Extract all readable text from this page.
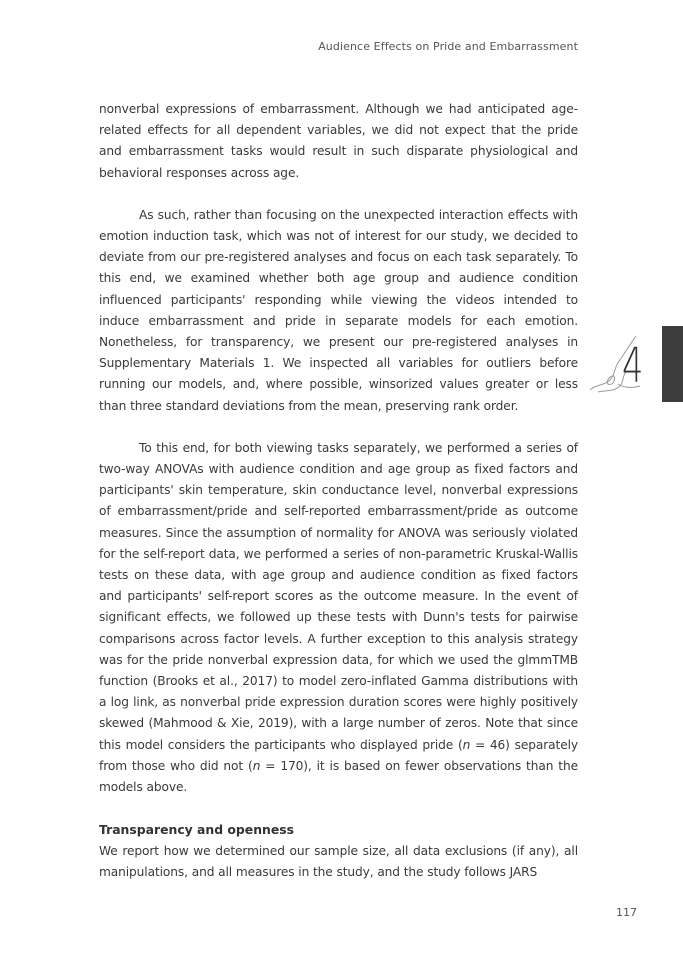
Audience Effects on Pride and Embarrassment

nonverbal expressions of embarrassment. Although we had anticipated age-related effects for all dependent variables, we did not expect that the pride and embarrassment tasks would result in such disparate physiological and behavioral responses across age.

As such, rather than focusing on the unexpected interaction effects with emotion induction task, which was not of interest for our study, we decided to deviate from our pre-registered analyses and focus on each task separately. To this end, we examined whether both age group and audience condition influenced participants' responding while viewing the videos intended to induce embarrassment and pride in separate models for each emotion. Nonetheless, for transparency, we present our pre-registered analyses in Supplementary Materials 1. We inspected all variables for outliers before running our models, and, where possible, winsorized values greater or less than three standard deviations from the mean, preserving rank order.

To this end, for both viewing tasks separately, we performed a series of two-way ANOVAs with audience condition and age group as fixed factors and participants' skin temperature, skin conductance level, nonverbal expressions of embarrassment/pride and self-reported embarrassment/pride as outcome measures. Since the assumption of normality for ANOVA was seriously violated for the self-report data, we performed a series of non-parametric Kruskal-Wallis tests on these data, with age group and audience condition as fixed factors and participants' self-report scores as the outcome measure. In the event of significant effects, we followed up these tests with Dunn's tests for pairwise comparisons across factor levels. A further exception to this analysis strategy was for the pride nonverbal expression data, for which we used the glmmTMB function (Brooks et al., 2017) to model zero-inflated Gamma distributions with a log link, as nonverbal pride expression duration scores were highly positively skewed (Mahmood & Xie, 2019), with a large number of zeros. Note that since this model considers the participants who displayed pride (n = 46) separately from those who did not (n = 170), it is based on fewer observations than the models above.

Transparency and openness

We report how we determined our sample size, all data exclusions (if any), all manipulations, and all measures in the study, and the study follows JARS

4
117
